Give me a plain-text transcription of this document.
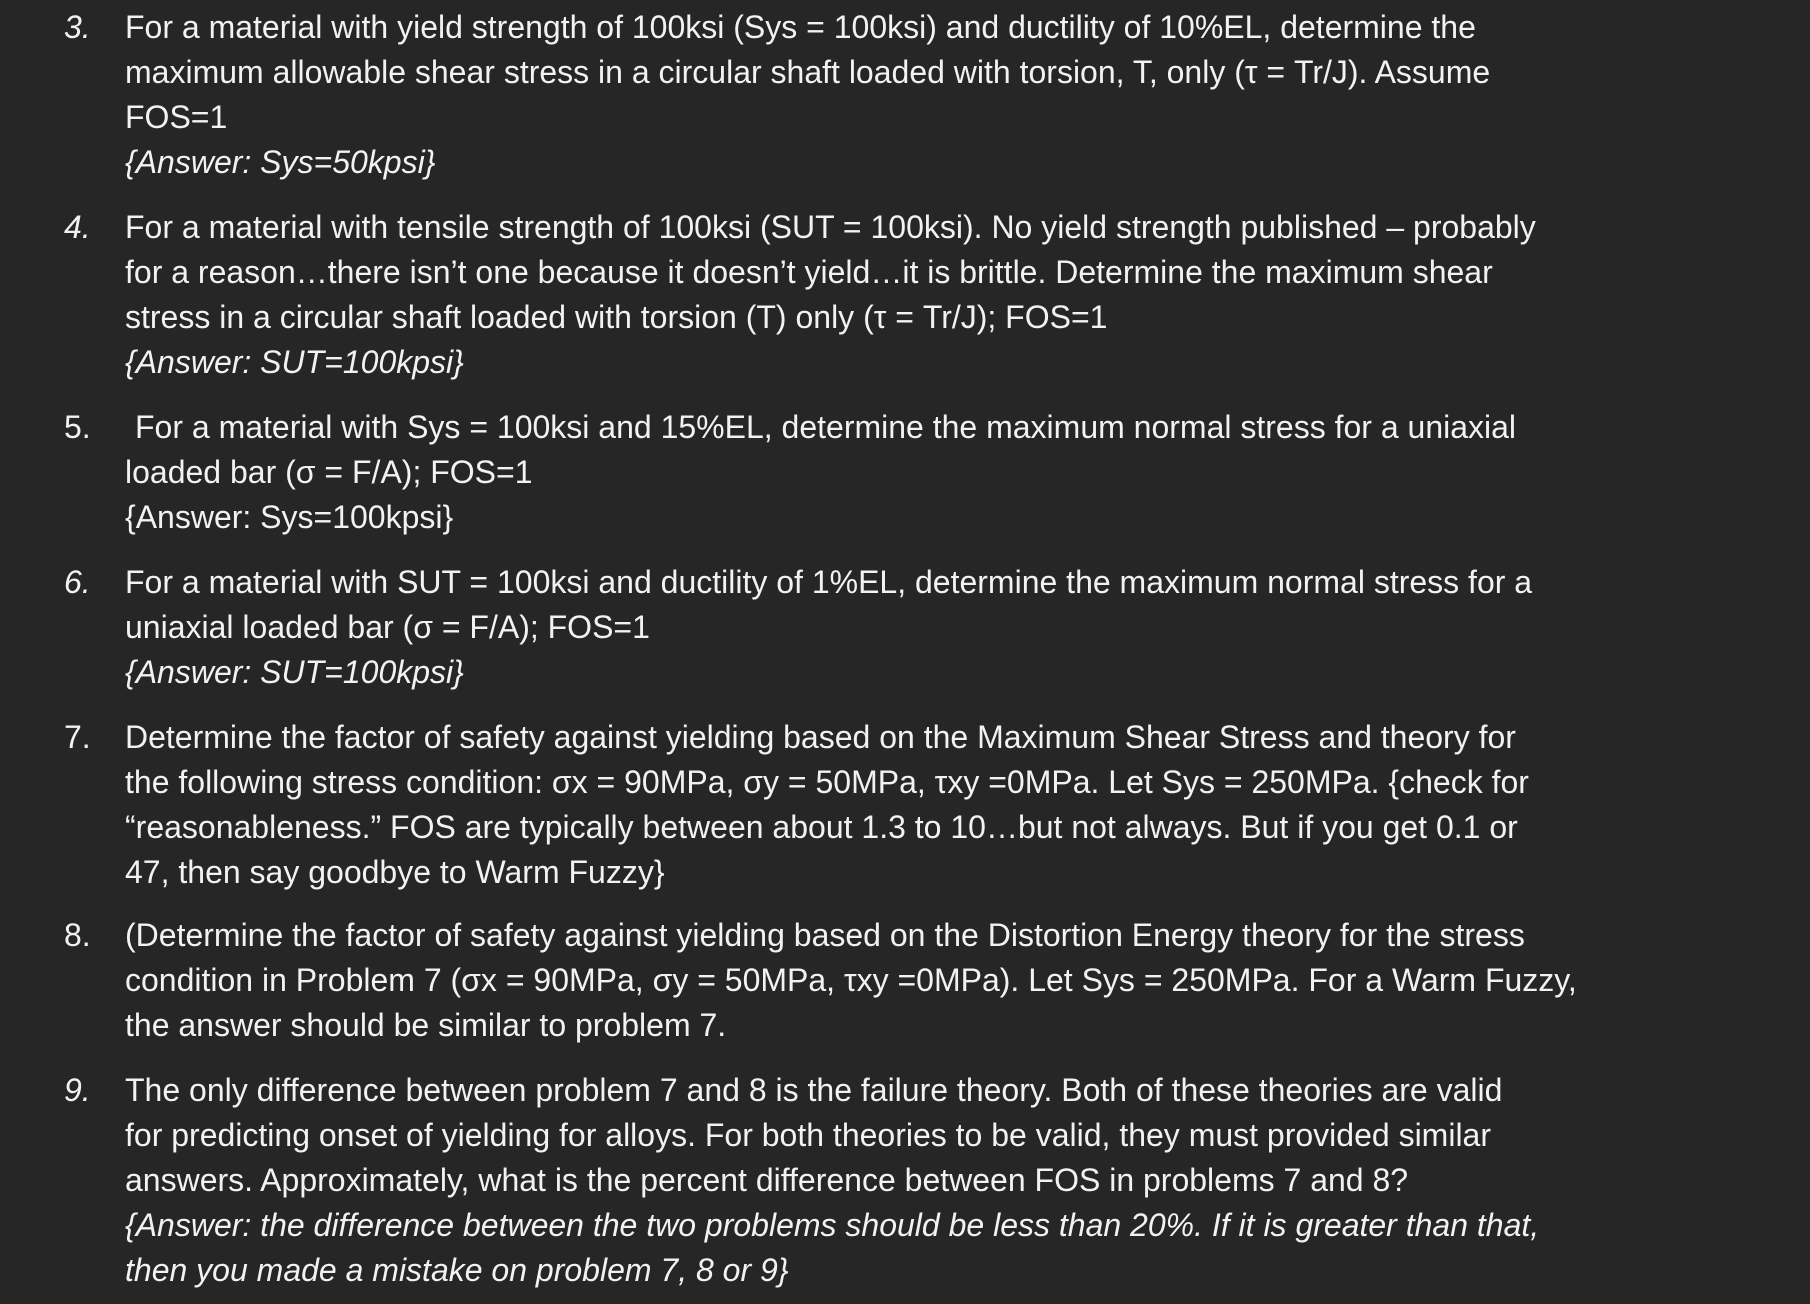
3.	For a material with yield strength of 100ksi (Sys = 100ksi) and ductility of 10%EL, determine the
maximum allowable shear stress in a circular shaft loaded with torsion, T, only (τ = Tr/J). Assume
FOS=1
{Answer: Sys=50kpsi}
4.	For a material with tensile strength of 100ksi (SUT = 100ksi). No yield strength published – probably
for a reason…there isn’t one because it doesn’t yield…it is brittle. Determine the maximum shear
stress in a circular shaft loaded with torsion (T) only (τ = Tr/J); FOS=1
{Answer: SUT=100kpsi}
5.	For a material with Sys = 100ksi and 15%EL, determine the maximum normal stress for a uniaxial
loaded bar (σ = F/A); FOS=1
{Answer: Sys=100kpsi}
6.	For a material with SUT = 100ksi and ductility of 1%EL, determine the maximum normal stress for a
uniaxial loaded bar (σ = F/A); FOS=1
{Answer: SUT=100kpsi}
7.	Determine the factor of safety against yielding based on the Maximum Shear Stress and theory for
the following stress condition: σx = 90MPa, σy = 50MPa, τxy =0MPa. Let Sys = 250MPa. {check for
“reasonableness.” FOS are typically between about 1.3 to 10…but not always. But if you get 0.1 or
47, then say goodbye to Warm Fuzzy}
8.	(Determine the factor of safety against yielding based on the Distortion Energy theory for the stress
condition in Problem 7 (σx = 90MPa, σy = 50MPa, τxy =0MPa). Let Sys = 250MPa. For a Warm Fuzzy,
the answer should be similar to problem 7.
9.	The only difference between problem 7 and 8 is the failure theory. Both of these theories are valid
for predicting onset of yielding for alloys. For both theories to be valid, they must provided similar
answers. Approximately, what is the percent difference between FOS in problems 7 and 8?
{Answer: the difference between the two problems should be less than 20%. If it is greater than that,
then you made a mistake on problem 7, 8 or 9}
